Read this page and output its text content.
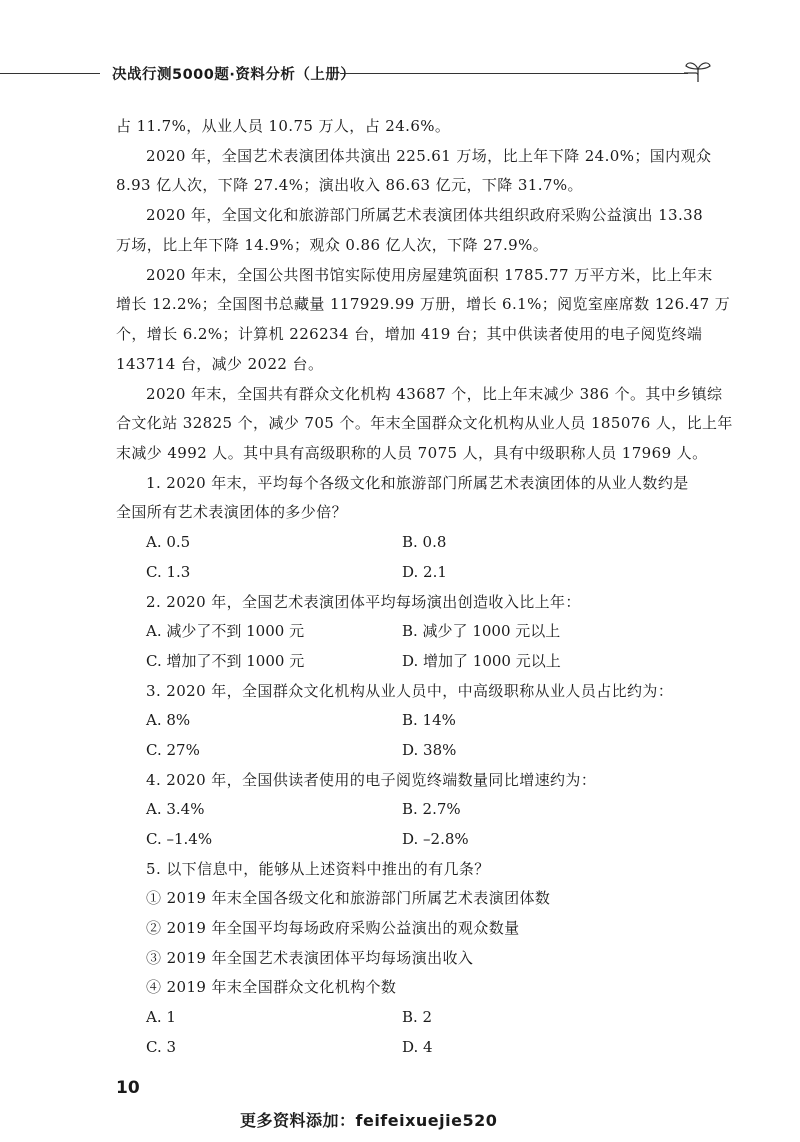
决战行测5000题·资料分析（上册）
占 11.7%，从业人员 10.75 万人，占 24.6%。
2020 年，全国艺术表演团体共演出 225.61 万场，比上年下降 24.0%；国内观众
8.93 亿人次，下降 27.4%；演出收入 86.63 亿元，下降 31.7%。
2020 年，全国文化和旅游部门所属艺术表演团体共组织政府采购公益演出 13.38
万场，比上年下降 14.9%；观众 0.86 亿人次，下降 27.9%。
2020 年末，全国公共图书馆实际使用房屋建筑面积 1785.77 万平方米，比上年末
增长 12.2%；全国图书总藏量 117929.99 万册，增长 6.1%；阅览室座席数 126.47 万
个，增长 6.2%；计算机 226234 台，增加 419 台；其中供读者使用的电子阅览终端
143714 台，减少 2022 台。
2020 年末，全国共有群众文化机构 43687 个，比上年末减少 386 个。其中乡镇综
合文化站 32825 个，减少 705 个。年末全国群众文化机构从业人员 185076 人，比上年
末减少 4992 人。其中具有高级职称的人员 7075 人，具有中级职称人员 17969 人。
1. 2020 年末，平均每个各级文化和旅游部门所属艺术表演团体的从业人数约是
全国所有艺术表演团体的多少倍？
A. 0.5	B. 0.8
C. 1.3	D. 2.1
2. 2020 年，全国艺术表演团体平均每场演出创造收入比上年：
A. 减少了不到 1000 元	B. 减少了 1000 元以上
C. 增加了不到 1000 元	D. 增加了 1000 元以上
3. 2020 年，全国群众文化机构从业人员中，中高级职称从业人员占比约为：
A. 8%	B. 14%
C. 27%	D. 38%
4. 2020 年，全国供读者使用的电子阅览终端数量同比增速约为：
A. 3.4%	B. 2.7%
C. –1.4%	D. –2.8%
5. 以下信息中，能够从上述资料中推出的有几条？
① 2019 年末全国各级文化和旅游部门所属艺术表演团体数
② 2019 年全国平均每场政府采购公益演出的观众数量
③ 2019 年全国艺术表演团体平均每场演出收入
④ 2019 年末全国群众文化机构个数
A. 1	B. 2
C. 3	D. 4
10
更多资料添加：feifeixuejie520
